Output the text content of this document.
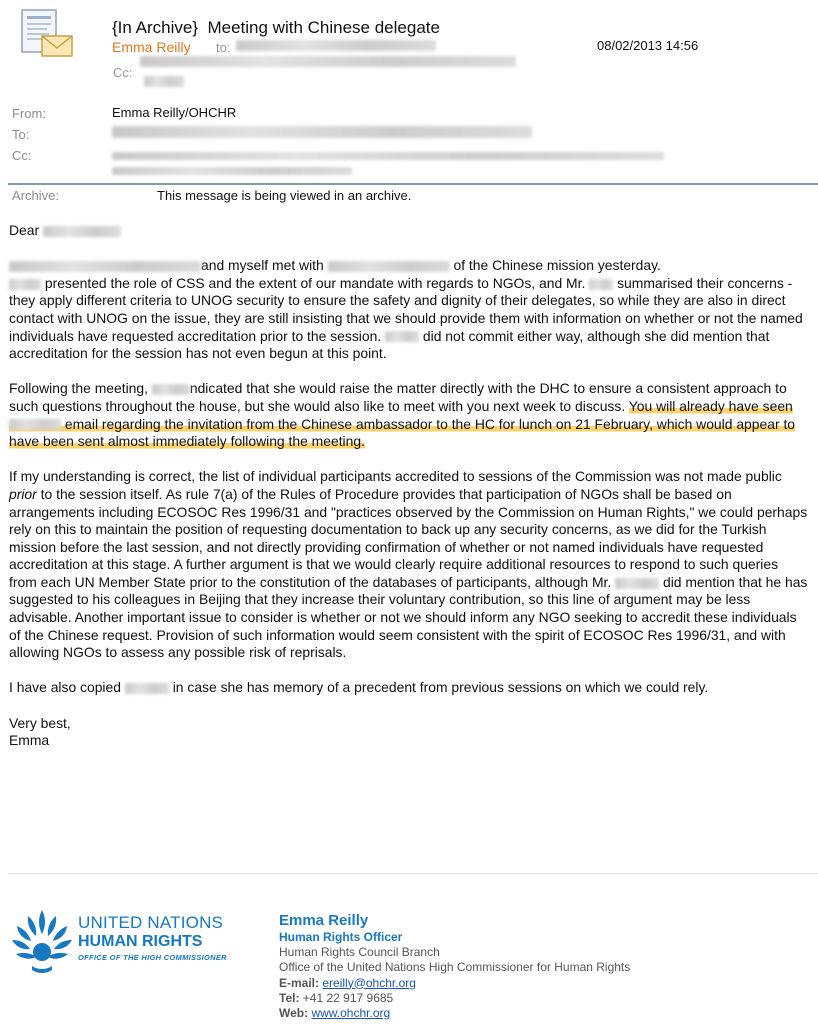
{In Archive} Meeting with Chinese delegate
Emma Reilly to:	08/02/2013 14:56
Cc:
From:	Emma Reilly/OHCHR
To:
Cc:
Archive:	This message is being viewed in an archive.

Dear

and myself met with	of the Chinese mission yesterday.
presented the role of CSS and the extent of our mandate with regards to NGOs, and Mr. summarised their concerns - they apply different criteria to UNOG security to ensure the safety and dignity of their delegates, so while they are also in direct contact with UNOG on the issue, they are still insisting that we should provide them with information on whether or not the named individuals have requested accreditation prior to the session.	did not commit either way, although she did mention that accreditation for the session has not even begun at this point.

Following the meeting,	ndicated that she would raise the matter directly with the DHC to ensure a consistent approach to such questions throughout the house, but she would also like to meet with you next week to discuss. You will already have seen  email regarding the invitation from the Chinese ambassador to the HC for lunch on 21 February, which would appear to have been sent almost immediately following the meeting.

If my understanding is correct, the list of individual participants accredited to sessions of the Commission was not made public prior to the session itself. As rule 7(a) of the Rules of Procedure provides that participation of NGOs shall be based on arrangements including ECOSOC Res 1996/31 and "practices observed by the Commission on Human Rights," we could perhaps rely on this to maintain the position of requesting documentation to back up any security concerns, as we did for the Turkish mission before the last session, and not directly providing confirmation of whether or not named individuals have requested accreditation at this stage. A further argument is that we would clearly require additional resources to respond to such queries from each UN Member State prior to the constitution of the databases of participants, although Mr.	did mention that he has suggested to his colleagues in Beijing that they increase their voluntary contribution, so this line of argument may be less advisable. Another important issue to consider is whether or not we should inform any NGO seeking to accredit these individuals of the Chinese request. Provision of such information would seem consistent with the spirit of ECOSOC Res 1996/31, and with allowing NGOs to assess any possible risk of reprisals.

I have also copied	in case she has memory of a precedent from previous sessions on which we could rely.

Very best,
Emma

UNITED NATIONS
HUMAN RIGHTS
OFFICE OF THE HIGH COMMISSIONER
Emma Reilly
Human Rights Officer
Human Rights Council Branch
Office of the United Nations High Commissioner for Human Rights
E-mail: ereilly@ohchr.org
Tel: +41 22 917 9685
Web: www.ohchr.org
